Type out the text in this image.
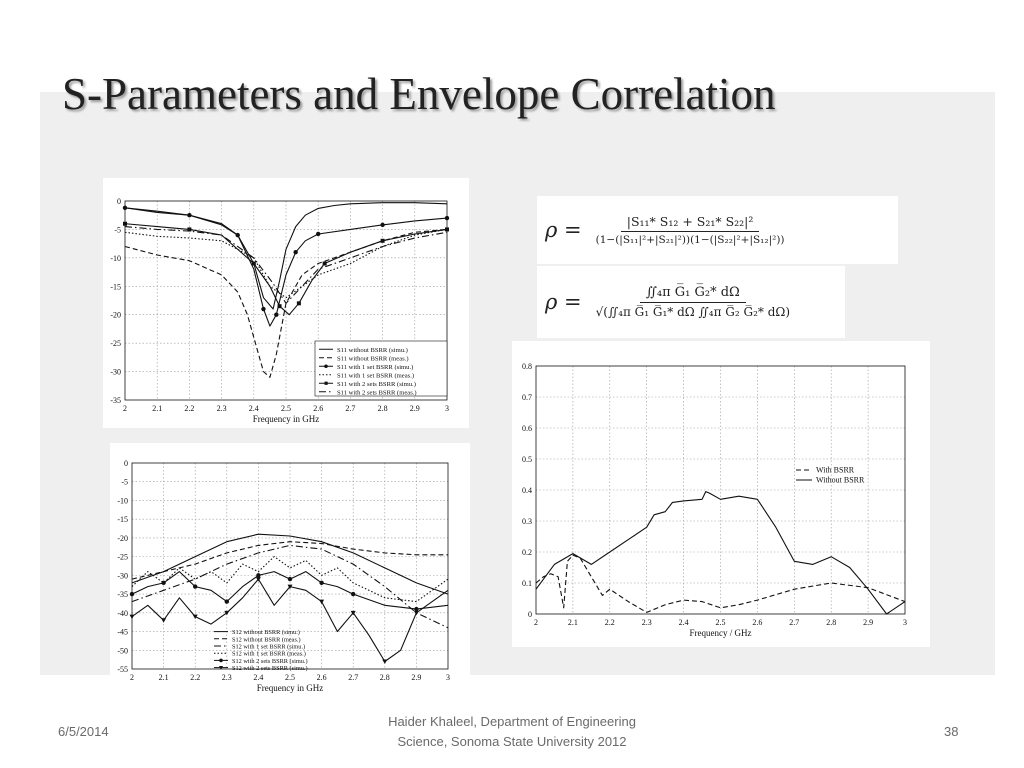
S-Parameters and Envelope Correlation
2	2.1	2.2	2.3	2.4	2.5	2.6	2.7	2.8	2.9	3
0
-5
-10
-15
-20
-25
-30
-35
Frequency in GHz
S11 without BSRR (simu.)
S11 without BSRR (meas.)
S11 with 1 set BSRR (simu.)
S11 with 1 set BSRR (meas.)
S11 with 2 sets BSRR (simu.)
S11 with 2 sets BSRR (meas.)
2	2.1	2.2	2.3	2.4	2.5	2.6	2.7	2.8	2.9	3
0
-5
-10
-15
-20
-25
-30
-35
-40
-45
-50
-55
Frequency in GHz
S12 without BSRR (simu.)
S12 without BSRR (meas.)
S12 with 1 set BSRR (simu.)
S12 with 1 set BSRR (meas.)
S12 with 2 sets BSRR (simu.)
S12 with 2 sets BSRR (simu.)
2	2.1	2.2	2.3	2.4	2.5	2.6	2.7	2.8	2.9	3
0
0.1
0.2
0.3
0.4
0.5
0.6
0.7
0.8
Frequency / GHz
With BSRR
Without BSRR
$\rho = \frac{\text{|S₁₁* S₁₂ + S₂₁* S₂₂|²}}{\text{(1−(|S₁₁|²+|S₂₁|²))(1−(|S₂₂|²+|S₁₂|²))}}$
$\rho = \frac{\text{∬₄π G̅₁ G̅₂* dΩ}}{\text{√(∬₄π G̅₁ G̅₁* dΩ ∬₄π G̅₂ G̅₂* dΩ)}}$
6/5/2014
Haider Khaleel, Department of Engineering
Science, Sonoma State University 2012
38
